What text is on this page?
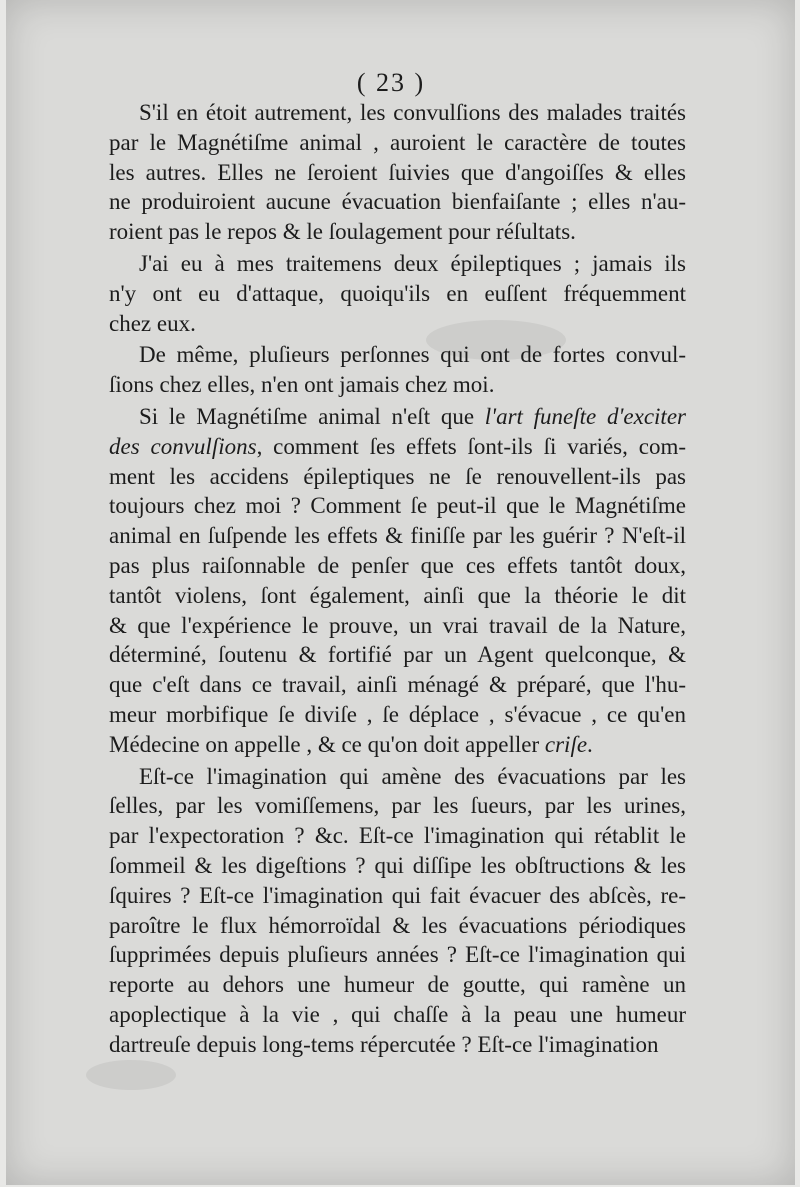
( 23 )
S'il en étoit autrement, les convulſions des malades traités
par le Magnétiſme animal , auroient le caractère de toutes
les autres. Elles ne ſeroient ſuivies que d'angoiſſes & elles
ne produiroient aucune évacuation bienfaiſante ; elles n'au-
roient pas le repos & le ſoulagement pour réſultats.
J'ai eu à mes traitemens deux épileptiques ; jamais ils
n'y ont eu d'attaque, quoiqu'ils en euſſent fréquemment
chez eux.
De même, pluſieurs perſonnes qui ont de fortes convul-
ſions chez elles, n'en ont jamais chez moi.
Si le Magnétiſme animal n'eſt que l'art funeſte d'exciter
des convulſions, comment ſes effets ſont-ils ſi variés, com-
ment les accidens épileptiques ne ſe renouvellent-ils pas
toujours chez moi ? Comment ſe peut-il que le Magnétiſme
animal en ſuſpende les effets & finiſſe par les guérir ? N'eſt-il
pas plus raiſonnable de penſer que ces effets tantôt doux,
tantôt violens, ſont également, ainſi que la théorie le dit
& que l'expérience le prouve, un vrai travail de la Nature,
déterminé, ſoutenu & fortifié par un Agent quelconque, &
que c'eſt dans ce travail, ainſi ménagé & préparé, que l'hu-
meur morbifique ſe diviſe , ſe déplace , s'évacue , ce qu'en
Médecine on appelle , & ce qu'on doit appeller criſe.
Eſt-ce l'imagination qui amène des évacuations par les
ſelles, par les vomiſſemens, par les ſueurs, par les urines,
par l'expectoration ? &c. Eſt-ce l'imagination qui rétablit le
ſommeil & les digeſtions ? qui diſſipe les obſtructions & les
ſquires ? Eſt-ce l'imagination qui fait évacuer des abſcès, re-
paroître le flux hémorroïdal & les évacuations périodiques
ſupprimées depuis pluſieurs années ? Eſt-ce l'imagination qui
reporte au dehors une humeur de goutte, qui ramène un
apoplectique à la vie , qui chaſſe à la peau une humeur
dartreuſe depuis long-tems répercutée ? Eſt-ce l'imagination
